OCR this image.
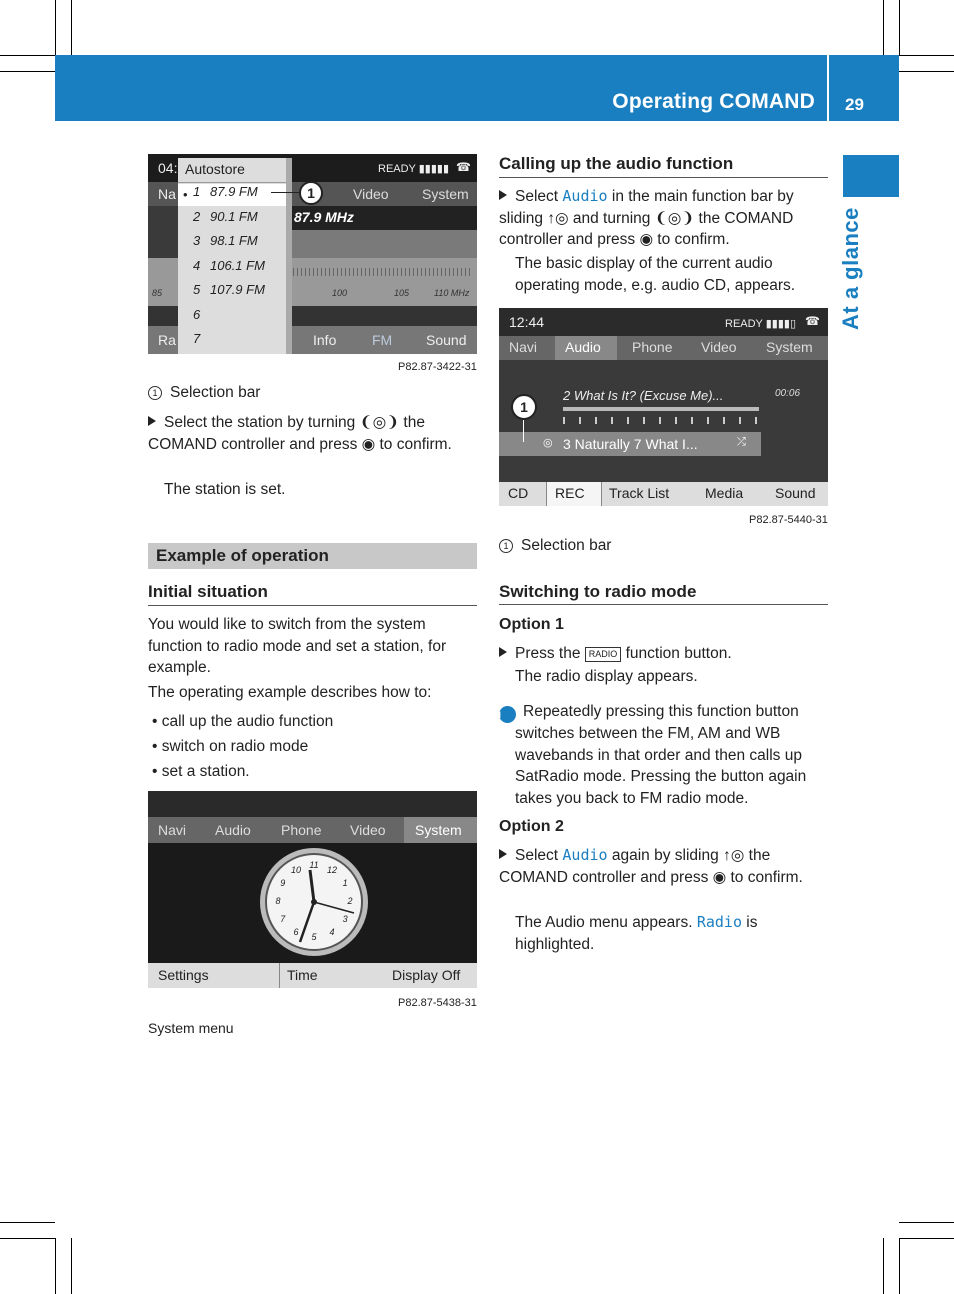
Operating COMAND 29
At a glance
04:	READY ▮▮▮▮▮ ☎
Na	Video System
87.9 MHz
85	100	105	110 MHz
Ra	Info	FM Sound
Autostore
•	1
1 87.9 FM
2 90.1 FM
3 98.1 FM
4 106.1 FM
5 107.9 FM
6
7
P82.87-3422-31
1 Selection bar
Select the station by turning ❨◎❩ the COMAND controller and press ◉ to confirm.
The station is set.
Example of operation
Initial situation
You would like to switch from the system function to radio mode and set a station, for example.
The operating example describes how to:
• call up the audio function
• switch on radio mode
• set a station.
Navi Audio Phone Video System
Settings	Time	Display Off
12
1
2
3
4
5
6
7
8
9
10 11
P82.87-5438-31
System menu
Calling up the audio function
Select Audio in the main function bar by sliding ↑◎ and turning ❨◎❩ the COMAND controller and press ◉ to confirm.
The basic display of the current audio operating mode, e.g. audio CD, appears.
12:44	READY ▮▮▮▮▯ ☎
Navi Audio Phone Video System
2 What Is It? (Excuse Me)...	00:06
◎ 3 Naturally 7 What I...	⤮
CD REC Track List	Media Sound
1
P82.87-5440-31
1 Selection bar
Switching to radio mode
Option 1
Press the RADIO function button.
The radio display appears.
i Repeatedly pressing this function button switches between the FM, AM and WB wavebands in that order and then calls up SatRadio mode. Pressing the button again takes you back to FM radio mode.
Option 2
Select Audio again by sliding ↑◎ the COMAND controller and press ◉ to confirm.
The Audio menu appears. Radio is highlighted.
